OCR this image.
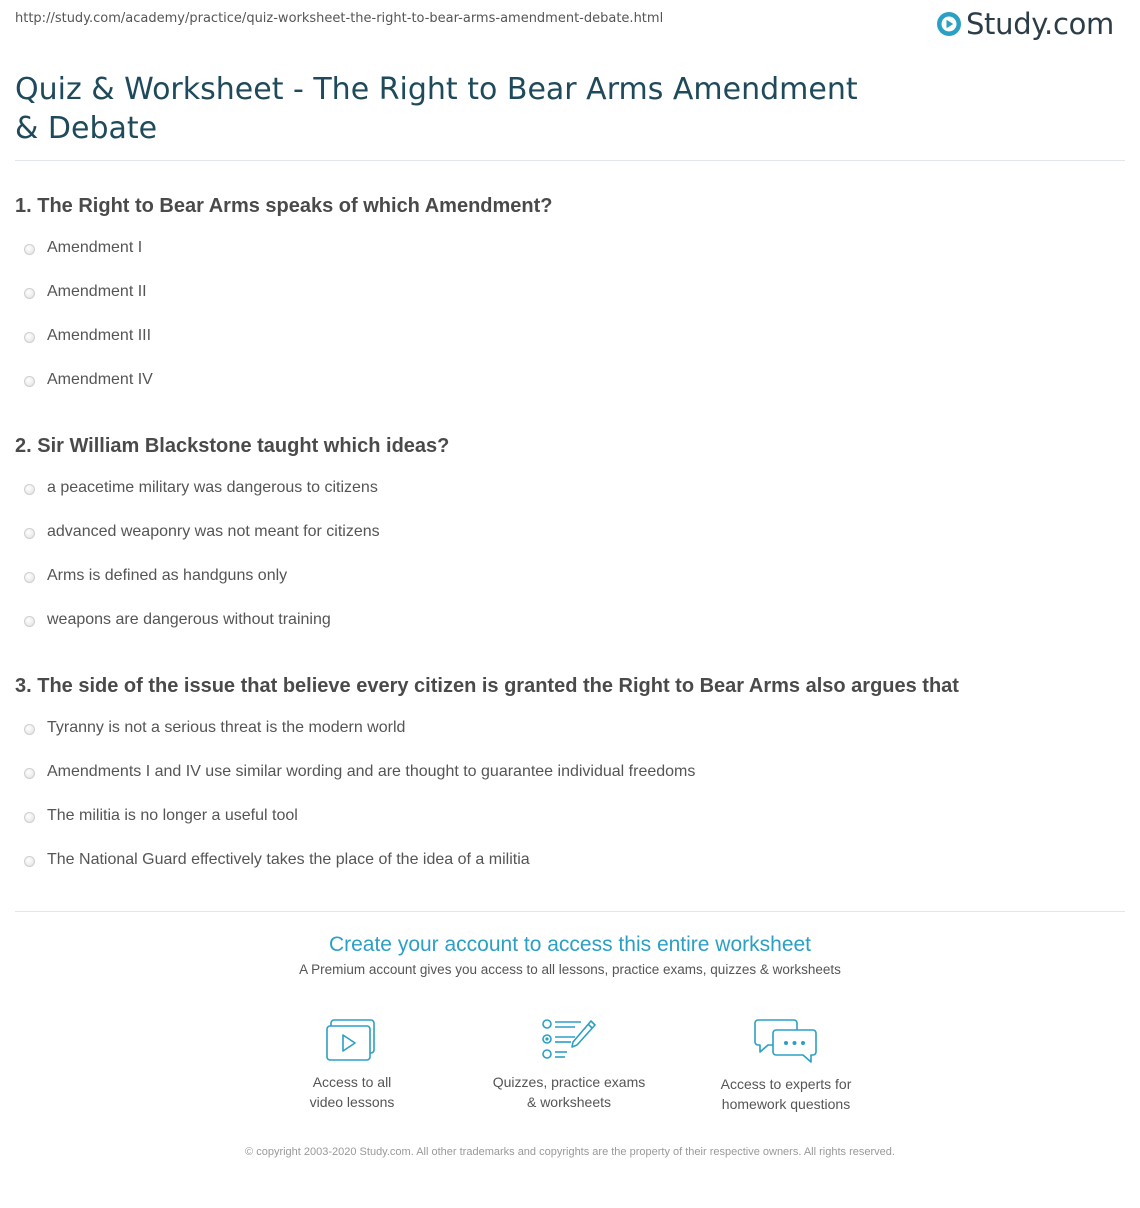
http://study.com/academy/practice/quiz-worksheet-the-right-to-bear-arms-amendment-debate.html	Study.com
Quiz & Worksheet - The Right to Bear Arms Amendment & Debate

1. The Right to Bear Arms speaks of which Amendment?

Amendment I
Amendment II
Amendment III
Amendment IV

2. Sir William Blackstone taught which ideas?

a peacetime military was dangerous to citizens
advanced weaponry was not meant for citizens
Arms is defined as handguns only
weapons are dangerous without training

3. The side of the issue that believe every citizen is granted the Right to Bear Arms also argues that

Tyranny is not a serious threat is the modern world
Amendments I and IV use similar wording and are thought to guarantee individual freedoms
The militia is no longer a useful tool
The National Guard effectively takes the place of the idea of a militia

Create your account to access this entire worksheet

A Premium account gives you access to all lessons, practice exams, quizzes & worksheets
Access to all
video lessons
Quizzes, practice exams
& worksheets
Access to experts for
homework questions
© copyright 2003-2020 Study.com. All other trademarks and copyrights are the property of their respective owners. All rights reserved.
